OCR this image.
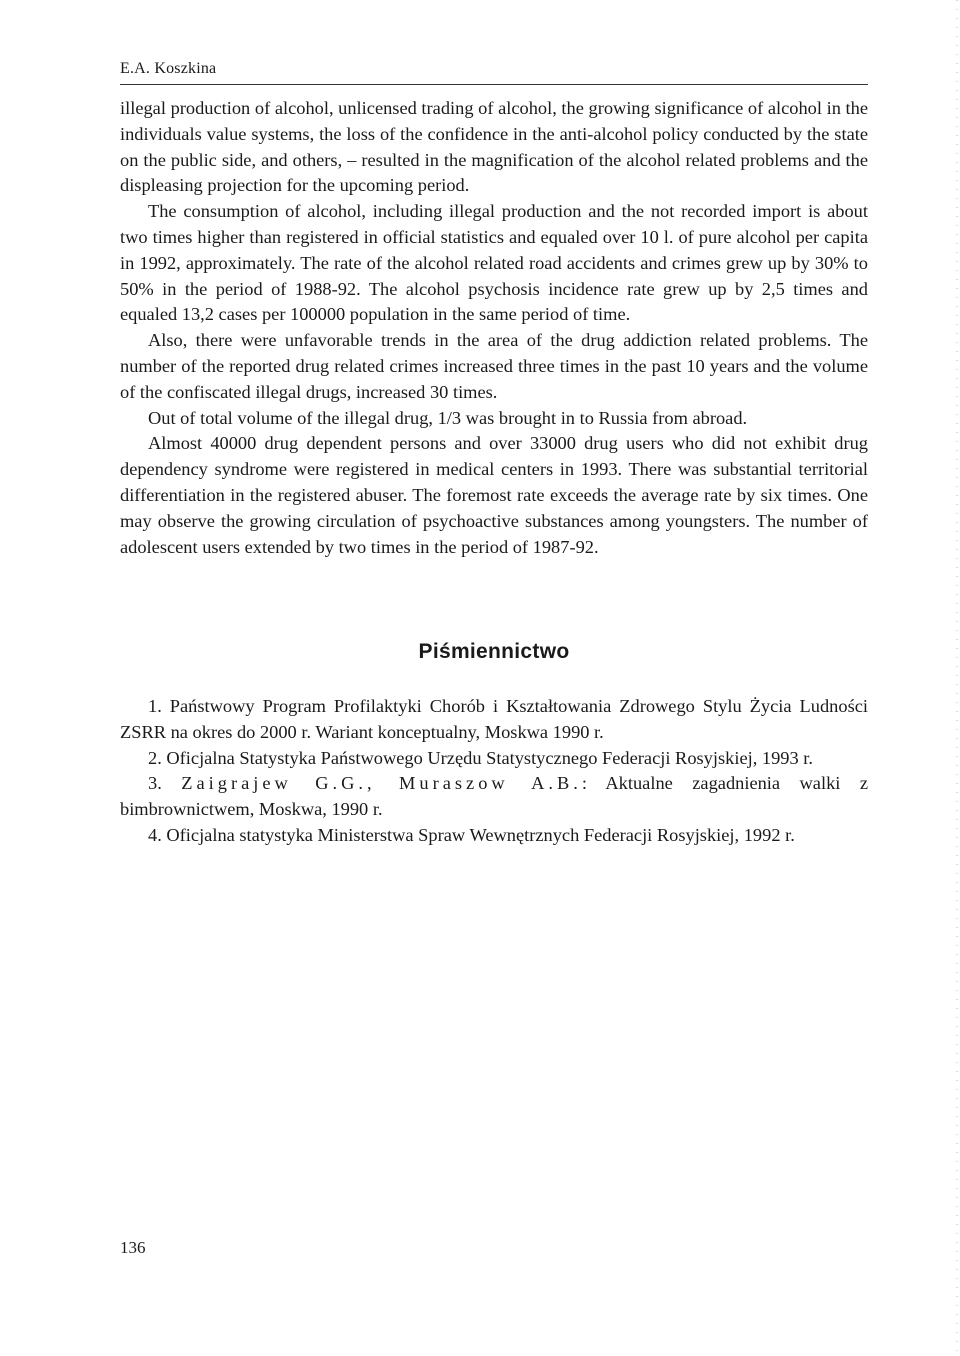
E.A. Koszkina

illegal production of alcohol, unlicensed trading of alcohol, the growing significance of alcohol in the individuals value systems, the loss of the confidence in the anti-alcohol policy conducted by the state on the public side, and others, – resulted in the magnification of the alcohol related problems and the displeasing projection for the upcoming period.

The consumption of alcohol, including illegal production and the not recorded import is about two times higher than registered in official statistics and equaled over 10 l. of pure alcohol per capita in 1992, approximately. The rate of the alcohol related road accidents and crimes grew up by 30% to 50% in the period of 1988-92. The alcohol psychosis incidence rate grew up by 2,5 times and equaled 13,2 cases per 100000 population in the same period of time.

Also, there were unfavorable trends in the area of the drug addiction related problems. The number of the reported drug related crimes increased three times in the past 10 years and the volume of the confiscated illegal drugs, increased 30 times.

Out of total volume of the illegal drug, 1/3 was brought in to Russia from abroad.

Almost 40000 drug dependent persons and over 33000 drug users who did not exhibit drug dependency syndrome were registered in medical centers in 1993. There was substantial territorial differentiation in the registered abuser. The foremost rate exceeds the average rate by six times. One may observe the growing circulation of psychoactive substances among youngsters. The number of adolescent users extended by two times in the period of 1987-92.

Piśmiennictwo

1. Państwowy Program Profilaktyki Chorób i Kształtowania Zdrowego Stylu Życia Ludności ZSRR na okres do 2000 r. Wariant konceptualny, Moskwa 1990 r.

2. Oficjalna Statystyka Państwowego Urzędu Statystycznego Federacji Rosyjskiej, 1993 r.

3. Zaigrajew G.G., Muraszow A.B.: Aktualne zagadnienia walki z bimbrownictwem, Moskwa, 1990 r.

4. Oficjalna statystyka Ministerstwa Spraw Wewnętrznych Federacji Rosyjskiej, 1992 r.

136
